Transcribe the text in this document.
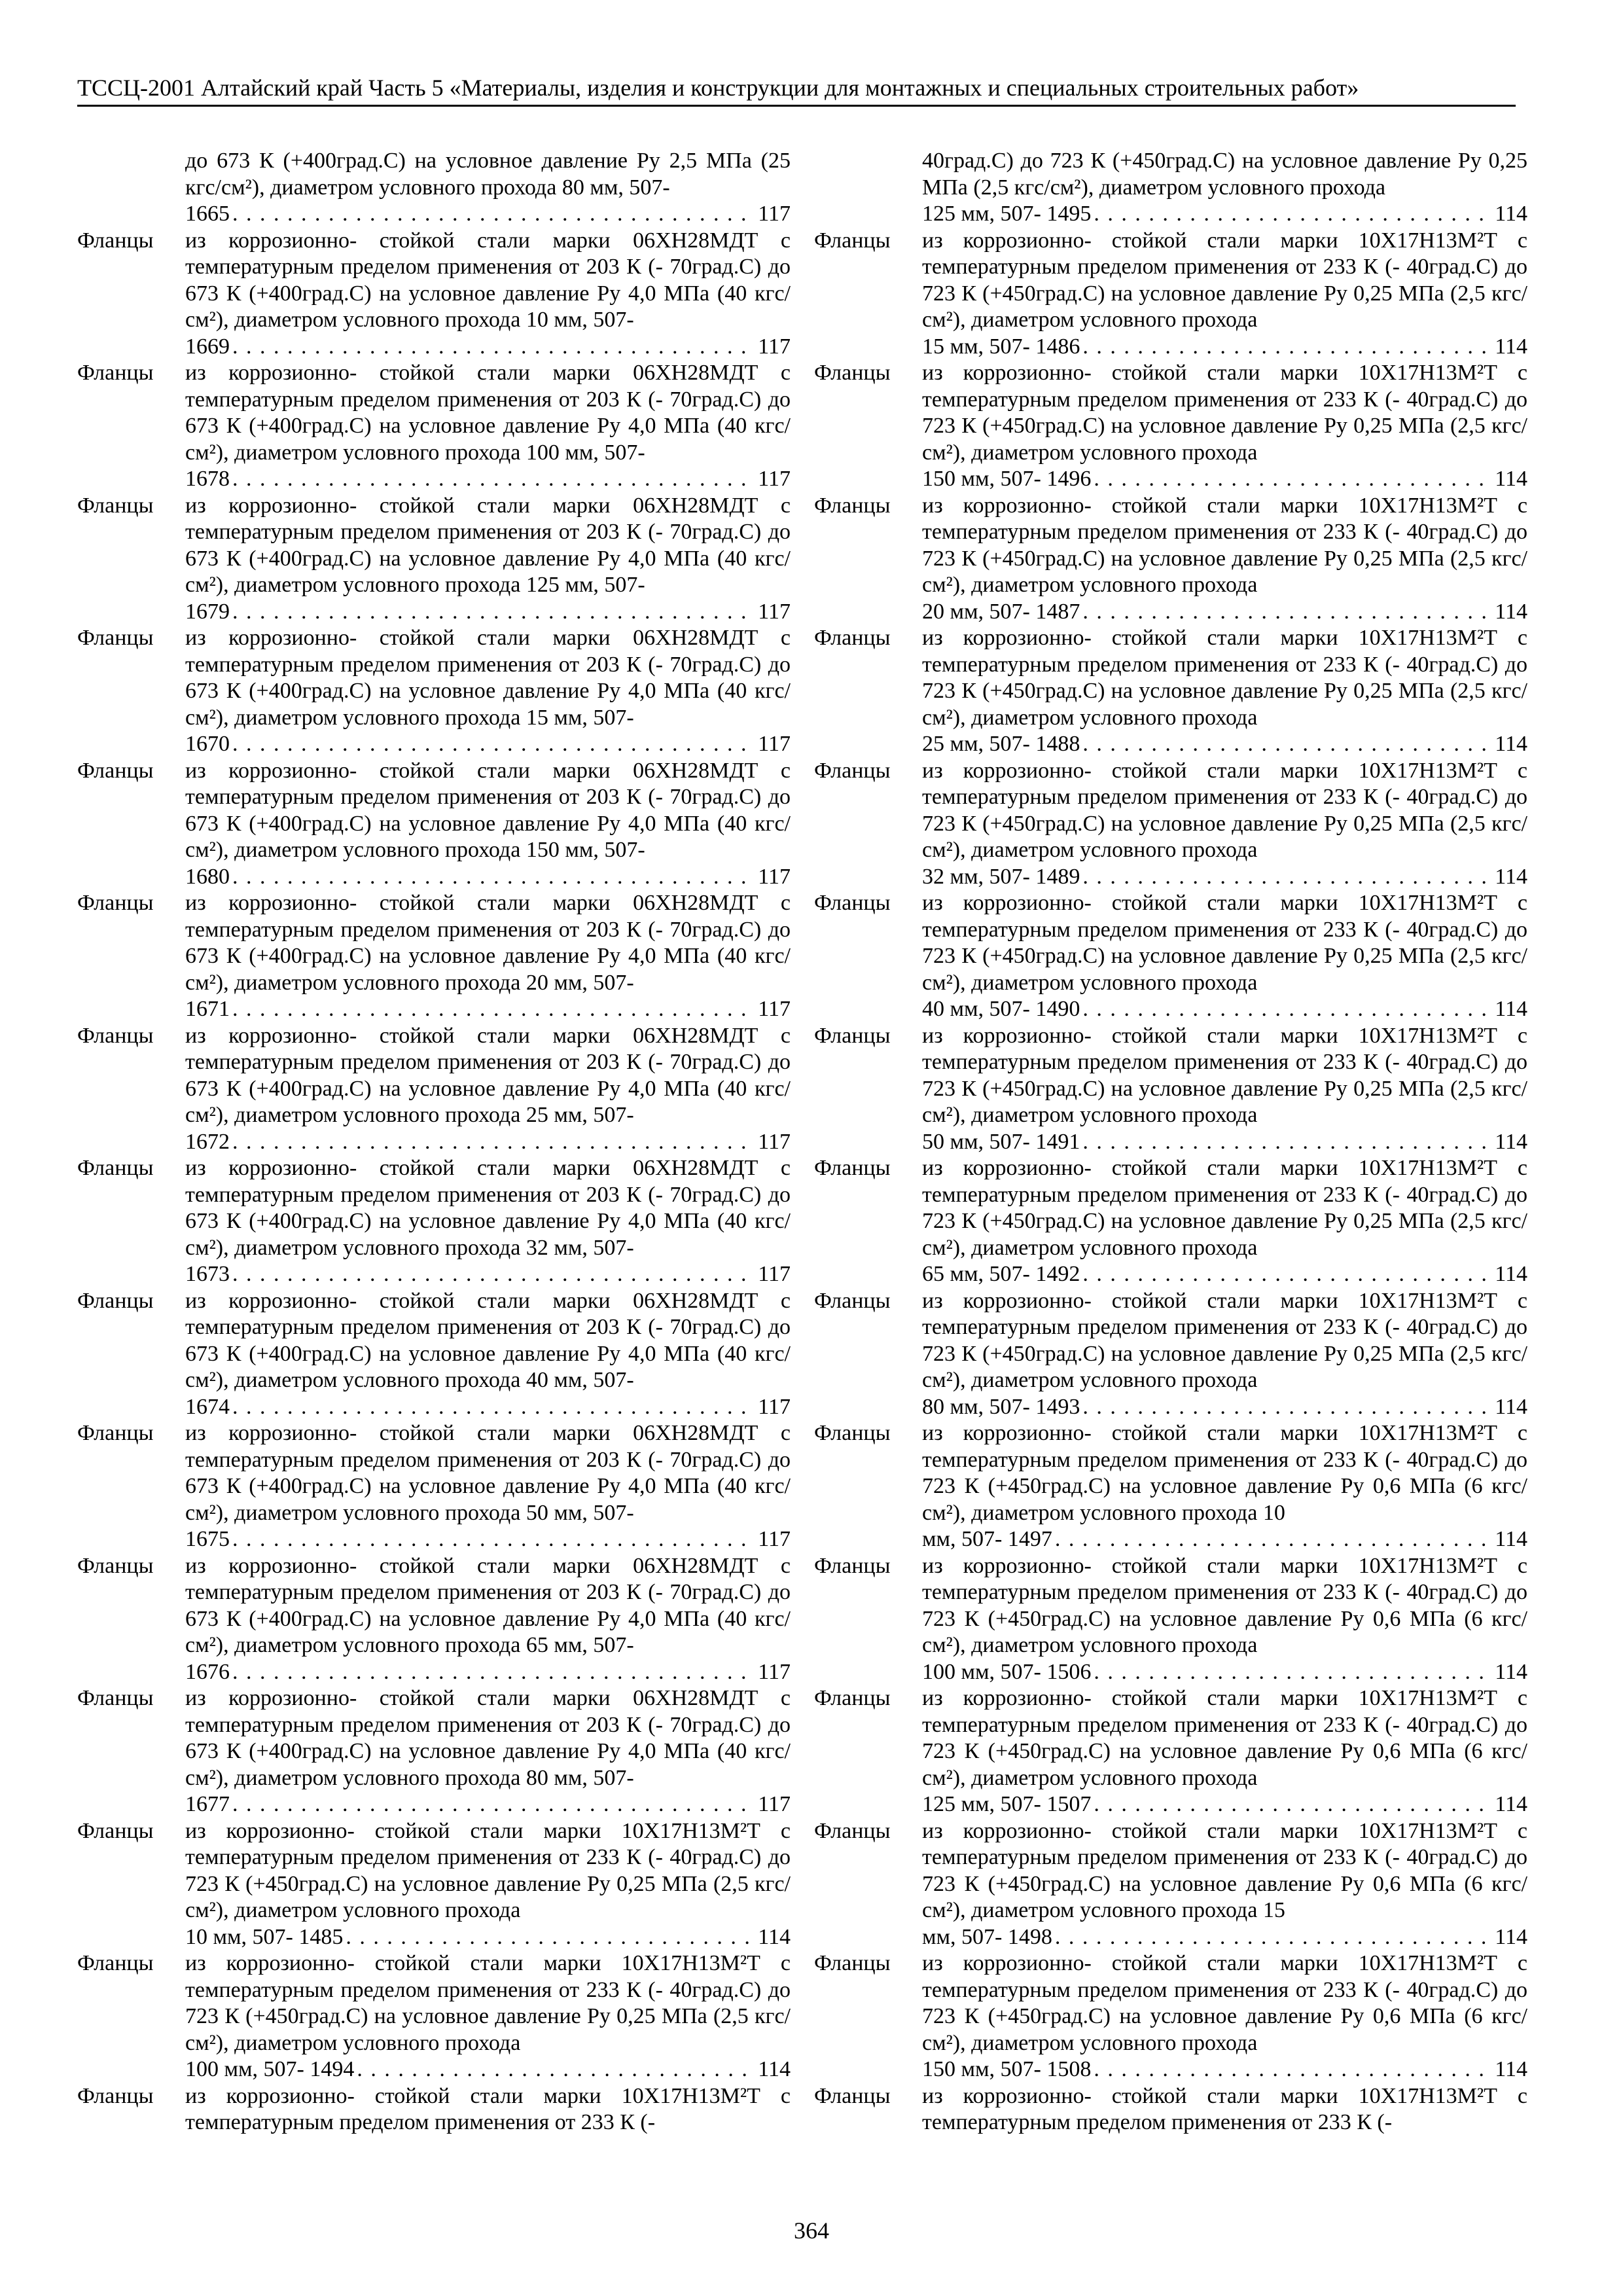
ТССЦ-2001 Алтайский край Часть 5 «Материалы, изделия и конструкции для монтажных и специальных строительных работ»
до 673 К (+400град.С) на условное давление Ру 2,5 МПа (25 кгс/см²), диаметром условного прохода 80 мм, 507-
1665 . . .	117
Фланцы из коррозионно- стойкой стали марки 06ХН28МДТ с температурным пределом применения от 203 К (- 70град.С) до 673 К (+400град.С) на условное давление Ру 4,0 МПа (40 кгс/см²), диаметром условного прохода 10 мм, 507-
1669 . . .	117
Фланцы из коррозионно- стойкой стали марки 06ХН28МДТ с температурным пределом применения от 203 К (- 70град.С) до 673 К (+400град.С) на условное давление Ру 4,0 МПа (40 кгс/см²), диаметром условного прохода 100 мм, 507-
1678 . . .	117
Фланцы из коррозионно- стойкой стали марки 06ХН28МДТ с температурным пределом применения от 203 К (- 70град.С) до 673 К (+400град.С) на условное давление Ру 4,0 МПа (40 кгс/см²), диаметром условного прохода 125 мм, 507-
1679 . . .	117
Фланцы из коррозионно- стойкой стали марки 06ХН28МДТ с температурным пределом применения от 203 К (- 70град.С) до 673 К (+400град.С) на условное давление Ру 4,0 МПа (40 кгс/см²), диаметром условного прохода 15 мм, 507-
1670 . . .	117
Фланцы из коррозионно- стойкой стали марки 06ХН28МДТ с температурным пределом применения от 203 К (- 70град.С) до 673 К (+400град.С) на условное давление Ру 4,0 МПа (40 кгс/см²), диаметром условного прохода 150 мм, 507-
1680 . . .	117
Фланцы из коррозионно- стойкой стали марки 06ХН28МДТ с температурным пределом применения от 203 К (- 70град.С) до 673 К (+400град.С) на условное давление Ру 4,0 МПа (40 кгс/см²), диаметром условного прохода 20 мм, 507-
1671 . . .	117
Фланцы из коррозионно- стойкой стали марки 06ХН28МДТ с температурным пределом применения от 203 К (- 70град.С) до 673 К (+400град.С) на условное давление Ру 4,0 МПа (40 кгс/см²), диаметром условного прохода 25 мм, 507-
1672 . . .	117
Фланцы из коррозионно- стойкой стали марки 06ХН28МДТ с температурным пределом применения от 203 К (- 70град.С) до 673 К (+400град.С) на условное давление Ру 4,0 МПа (40 кгс/см²), диаметром условного прохода 32 мм, 507-
1673 . . .	117
Фланцы из коррозионно- стойкой стали марки 06ХН28МДТ с температурным пределом применения от 203 К (- 70град.С) до 673 К (+400град.С) на условное давление Ру 4,0 МПа (40 кгс/см²), диаметром условного прохода 40 мм, 507-
1674 . . .	117
Фланцы из коррозионно- стойкой стали марки 06ХН28МДТ с температурным пределом применения от 203 К (- 70град.С) до 673 К (+400град.С) на условное давление Ру 4,0 МПа (40 кгс/см²), диаметром условного прохода 50 мм, 507-
1675 . . .	117
Фланцы из коррозионно- стойкой стали марки 06ХН28МДТ с температурным пределом применения от 203 К (- 70град.С) до 673 К (+400град.С) на условное давление Ру 4,0 МПа (40 кгс/см²), диаметром условного прохода 65 мм, 507-
1676 . . .	117
Фланцы из коррозионно- стойкой стали марки 06ХН28МДТ с температурным пределом применения от 203 К (- 70град.С) до 673 К (+400град.С) на условное давление Ру 4,0 МПа (40 кгс/см²), диаметром условного прохода 80 мм, 507-
1677 . . .	117
Фланцы из коррозионно- стойкой стали марки 10Х17Н13М²Т с температурным пределом применения от 233 К (- 40град.С) до 723 К (+450град.С) на условное давление Ру 0,25 МПа (2,5 кгс/см²), диаметром условного прохода
10 мм, 507- 1485 . . .	114
Фланцы из коррозионно- стойкой стали марки 10Х17Н13М²Т с температурным пределом применения от 233 К (- 40град.С) до 723 К (+450град.С) на условное давление Ру 0,25 МПа (2,5 кгс/см²), диаметром условного прохода
100 мм, 507- 1494 . . .	114
Фланцы из коррозионно- стойкой стали марки 10Х17Н13М²Т с температурным пределом применения от 233 К (-
40град.С) до 723 К (+450град.С) на условное давление Ру 0,25 МПа (2,5 кгс/см²), диаметром условного прохода
125 мм, 507- 1495 . . .	114
Фланцы из коррозионно- стойкой стали марки 10Х17Н13М²Т с температурным пределом применения от 233 К (- 40град.С) до 723 К (+450град.С) на условное давление Ру 0,25 МПа (2,5 кгс/см²), диаметром условного прохода
15 мм, 507- 1486 . . .	114
Фланцы из коррозионно- стойкой стали марки 10Х17Н13М²Т с температурным пределом применения от 233 К (- 40град.С) до 723 К (+450град.С) на условное давление Ру 0,25 МПа (2,5 кгс/см²), диаметром условного прохода
150 мм, 507- 1496 . . .	114
Фланцы из коррозионно- стойкой стали марки 10Х17Н13М²Т с температурным пределом применения от 233 К (- 40град.С) до 723 К (+450град.С) на условное давление Ру 0,25 МПа (2,5 кгс/см²), диаметром условного прохода
20 мм, 507- 1487 . . .	114
Фланцы из коррозионно- стойкой стали марки 10Х17Н13М²Т с температурным пределом применения от 233 К (- 40град.С) до 723 К (+450град.С) на условное давление Ру 0,25 МПа (2,5 кгс/см²), диаметром условного прохода
25 мм, 507- 1488 . . .	114
Фланцы из коррозионно- стойкой стали марки 10Х17Н13М²Т с температурным пределом применения от 233 К (- 40град.С) до 723 К (+450град.С) на условное давление Ру 0,25 МПа (2,5 кгс/см²), диаметром условного прохода
32 мм, 507- 1489 . . .	114
Фланцы из коррозионно- стойкой стали марки 10Х17Н13М²Т с температурным пределом применения от 233 К (- 40град.С) до 723 К (+450град.С) на условное давление Ру 0,25 МПа (2,5 кгс/см²), диаметром условного прохода
40 мм, 507- 1490 . . .	114
Фланцы из коррозионно- стойкой стали марки 10Х17Н13М²Т с температурным пределом применения от 233 К (- 40град.С) до 723 К (+450град.С) на условное давление Ру 0,25 МПа (2,5 кгс/см²), диаметром условного прохода
50 мм, 507- 1491 . . .	114
Фланцы из коррозионно- стойкой стали марки 10Х17Н13М²Т с температурным пределом применения от 233 К (- 40град.С) до 723 К (+450град.С) на условное давление Ру 0,25 МПа (2,5 кгс/см²), диаметром условного прохода
65 мм, 507- 1492 . . .	114
Фланцы из коррозионно- стойкой стали марки 10Х17Н13М²Т с температурным пределом применения от 233 К (- 40град.С) до 723 К (+450град.С) на условное давление Ру 0,25 МПа (2,5 кгс/см²), диаметром условного прохода
80 мм, 507- 1493 . . .	114
Фланцы из коррозионно- стойкой стали марки 10Х17Н13М²Т с температурным пределом применения от 233 К (- 40град.С) до 723 К (+450град.С) на условное давление Ру 0,6 МПа (6 кгс/см²), диаметром условного прохода 10
мм, 507- 1497 . . .	114
Фланцы из коррозионно- стойкой стали марки 10Х17Н13М²Т с температурным пределом применения от 233 К (- 40град.С) до 723 К (+450град.С) на условное давление Ру 0,6 МПа (6 кгс/см²), диаметром условного прохода
100 мм, 507- 1506 . . .	114
Фланцы из коррозионно- стойкой стали марки 10Х17Н13М²Т с температурным пределом применения от 233 К (- 40град.С) до 723 К (+450град.С) на условное давление Ру 0,6 МПа (6 кгс/см²), диаметром условного прохода
125 мм, 507- 1507 . . .	114
Фланцы из коррозионно- стойкой стали марки 10Х17Н13М²Т с температурным пределом применения от 233 К (- 40град.С) до 723 К (+450град.С) на условное давление Ру 0,6 МПа (6 кгс/см²), диаметром условного прохода 15
мм, 507- 1498 . . .	114
Фланцы из коррозионно- стойкой стали марки 10Х17Н13М²Т с температурным пределом применения от 233 К (- 40град.С) до 723 К (+450град.С) на условное давление Ру 0,6 МПа (6 кгс/см²), диаметром условного прохода
150 мм, 507- 1508 . . .	114
Фланцы из коррозионно- стойкой стали марки 10Х17Н13М²Т с температурным пределом применения от 233 К (-
364
